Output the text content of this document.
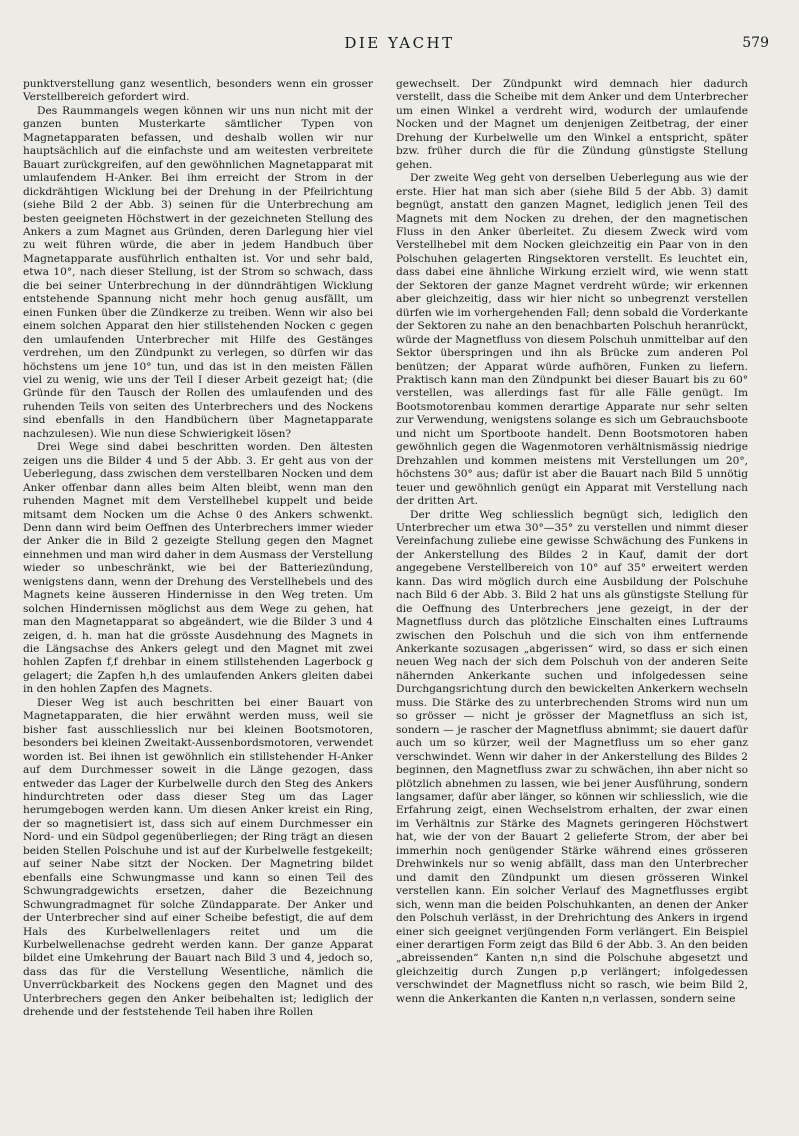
DIE YACHT	579

punktverstellung ganz wesentlich, besonders wenn ein grosser Verstellbereich gefordert wird.

Des Raummangels wegen können wir uns nun nicht mit der ganzen bunten Musterkarte sämtlicher Typen von Magnetapparaten befassen, und deshalb wollen wir nur hauptsächlich auf die einfachste und am weitesten verbreitete Bauart zurückgreifen, auf den gewöhnlichen Magnetapparat mit umlaufendem H-Anker. Bei ihm erreicht der Strom in der dickdrähtigen Wicklung bei der Drehung in der Pfeilrichtung (siehe Bild 2 der Abb. 3) seinen für die Unterbrechung am besten geeigneten Höchstwert in der gezeichneten Stellung des Ankers a zum Magnet aus Gründen, deren Darlegung hier viel zu weit führen würde, die aber in jedem Handbuch über Magnetapparate ausführlich enthalten ist. Vor und sehr bald, etwa 10°, nach dieser Stellung, ist der Strom so schwach, dass die bei seiner Unterbrechung in der dünndrähtigen Wicklung entstehende Spannung nicht mehr hoch genug ausfällt, um einen Funken über die Zündkerze zu treiben. Wenn wir also bei einem solchen Apparat den hier stillstehenden Nocken c gegen den umlaufenden Unterbrecher mit Hilfe des Gestänges verdrehen, um den Zündpunkt zu verlegen, so dürfen wir das höchstens um jene 10° tun, und das ist in den meisten Fällen viel zu wenig, wie uns der Teil I dieser Arbeit gezeigt hat; (die Gründe für den Tausch der Rollen des umlaufenden und des ruhenden Teils von seiten des Unterbrechers und des Nockens sind ebenfalls in den Handbüchern über Magnetapparate nachzulesen). Wie nun diese Schwierigkeit lösen?

Drei Wege sind dabei beschritten worden. Den ältesten zeigen uns die Bilder 4 und 5 der Abb. 3. Er geht aus von der Ueberlegung, dass zwischen dem verstellbaren Nocken und dem Anker offenbar dann alles beim Alten bleibt, wenn man den ruhenden Magnet mit dem Verstellhebel kuppelt und beide mitsamt dem Nocken um die Achse 0 des Ankers schwenkt. Denn dann wird beim Oeffnen des Unterbrechers immer wieder der Anker die in Bild 2 gezeigte Stellung gegen den Magnet einnehmen und man wird daher in dem Ausmass der Verstellung wieder so unbeschränkt, wie bei der Batteriezündung, wenigstens dann, wenn der Drehung des Verstellhebels und des Magnets keine äusseren Hindernisse in den Weg treten. Um solchen Hindernissen möglichst aus dem Wege zu gehen, hat man den Magnetapparat so abgeändert, wie die Bilder 3 und 4 zeigen, d. h. man hat die grösste Ausdehnung des Magnets in die Längsachse des Ankers gelegt und den Magnet mit zwei hohlen Zapfen f,f drehbar in einem stillstehenden Lagerbock g gelagert; die Zapfen h,h des umlaufenden Ankers gleiten dabei in den hohlen Zapfen des Magnets.

Dieser Weg ist auch beschritten bei einer Bauart von Magnetapparaten, die hier erwähnt werden muss, weil sie bisher fast ausschliesslich nur bei kleinen Bootsmotoren, besonders bei kleinen Zweitakt-Aussenbordsmotoren, verwendet worden ist. Bei ihnen ist gewöhnlich ein stillstehender H-Anker auf dem Durchmesser soweit in die Länge gezogen, dass entweder das Lager der Kurbelwelle durch den Steg des Ankers hindurchtreten oder dass dieser Steg um das Lager herumgebogen werden kann. Um diesen Anker kreist ein Ring, der so magnetisiert ist, dass sich auf einem Durchmesser ein Nord- und ein Südpol gegenüberliegen; der Ring trägt an diesen beiden Stellen Polschuhe und ist auf der Kurbelwelle festgekeilt; auf seiner Nabe sitzt der Nocken. Der Magnetring bildet ebenfalls eine Schwungmasse und kann so einen Teil des Schwungradgewichts ersetzen, daher die Bezeichnung Schwungradmagnet für solche Zündapparate. Der Anker und der Unterbrecher sind auf einer Scheibe befestigt, die auf dem Hals des Kurbelwellenlagers reitet und um die Kurbelwellenachse gedreht werden kann. Der ganze Apparat bildet eine Umkehrung der Bauart nach Bild 3 und 4, jedoch so, dass das für die Verstellung Wesentliche, nämlich die Unverrückbarkeit des Nockens gegen den Magnet und des Unterbrechers gegen den Anker beibehalten ist; lediglich der drehende und der feststehende Teil haben ihre Rollen

gewechselt. Der Zündpunkt wird demnach hier dadurch verstellt, dass die Scheibe mit dem Anker und dem Unterbrecher um einen Winkel a verdreht wird, wodurch der umlaufende Nocken und der Magnet um denjenigen Zeitbetrag, der einer Drehung der Kurbelwelle um den Winkel a entspricht, später bzw. früher durch die für die Zündung günstigste Stellung gehen.

Der zweite Weg geht von derselben Ueberlegung aus wie der erste. Hier hat man sich aber (siehe Bild 5 der Abb. 3) damit begnügt, anstatt den ganzen Magnet, lediglich jenen Teil des Magnets mit dem Nocken zu drehen, der den magnetischen Fluss in den Anker überleitet. Zu diesem Zweck wird vom Verstellhebel mit dem Nocken gleichzeitig ein Paar von in den Polschuhen gelagerten Ringsektoren verstellt. Es leuchtet ein, dass dabei eine ähnliche Wirkung erzielt wird, wie wenn statt der Sektoren der ganze Magnet verdreht würde; wir erkennen aber gleichzeitig, dass wir hier nicht so unbegrenzt verstellen dürfen wie im vorhergehenden Fall; denn sobald die Vorderkante der Sektoren zu nahe an den benachbarten Polschuh heranrückt, würde der Magnetfluss von diesem Polschuh unmittelbar auf den Sektor überspringen und ihn als Brücke zum anderen Pol benützen; der Apparat würde aufhören, Funken zu liefern. Praktisch kann man den Zündpunkt bei dieser Bauart bis zu 60° verstellen, was allerdings fast für alle Fälle genügt. Im Bootsmotorenbau kommen derartige Apparate nur sehr selten zur Verwendung, wenigstens solange es sich um Gebrauchsboote und nicht um Sportboote handelt. Denn Bootsmotoren haben gewöhnlich gegen die Wagenmotoren verhältnismässig niedrige Drehzahlen und kommen meistens mit Verstellungen um 20°, höchstens 30° aus; dafür ist aber die Bauart nach Bild 5 unnötig teuer und gewöhnlich genügt ein Apparat mit Verstellung nach der dritten Art.

Der dritte Weg schliesslich begnügt sich, lediglich den Unterbrecher um etwa 30°—35° zu verstellen und nimmt dieser Vereinfachung zuliebe eine gewisse Schwächung des Funkens in der Ankerstellung des Bildes 2 in Kauf, damit der dort angegebene Verstellbereich von 10° auf 35° erweitert werden kann. Das wird möglich durch eine Ausbildung der Polschuhe nach Bild 6 der Abb. 3. Bild 2 hat uns als günstigste Stellung für die Oeffnung des Unterbrechers jene gezeigt, in der der Magnetfluss durch das plötzliche Einschalten eines Luftraums zwischen den Polschuh und die sich von ihm entfernende Ankerkante sozusagen „abgerissen“ wird, so dass er sich einen neuen Weg nach der sich dem Polschuh von der anderen Seite nähernden Ankerkante suchen und infolgedessen seine Durchgangsrichtung durch den bewickelten Ankerkern wechseln muss. Die Stärke des zu unterbrechenden Stroms wird nun um so grösser — nicht je grösser der Magnetfluss an sich ist, sondern — je rascher der Magnetfluss abnimmt; sie dauert dafür auch um so kürzer, weil der Magnetfluss um so eher ganz verschwindet. Wenn wir daher in der Ankerstellung des Bildes 2 beginnen, den Magnetfluss zwar zu schwächen, ihn aber nicht so plötzlich abnehmen zu lassen, wie bei jener Ausführung, sondern langsamer, dafür aber länger, so können wir schliesslich, wie die Erfahrung zeigt, einen Wechselstrom erhalten, der zwar einen im Verhältnis zur Stärke des Magnets geringeren Höchstwert hat, wie der von der Bauart 2 gelieferte Strom, der aber bei immerhin noch genügender Stärke während eines grösseren Drehwinkels nur so wenig abfällt, dass man den Unterbrecher und damit den Zündpunkt um diesen grösseren Winkel verstellen kann. Ein solcher Verlauf des Magnetflusses ergibt sich, wenn man die beiden Polschuhkanten, an denen der Anker den Polschuh verlässt, in der Drehrichtung des Ankers in irgend einer sich geeignet verjüngenden Form verlängert. Ein Beispiel einer derartigen Form zeigt das Bild 6 der Abb. 3. An den beiden „abreissenden“ Kanten n,n sind die Polschuhe abgesetzt und gleichzeitig durch Zungen p,p verlängert; infolgedessen verschwindet der Magnetfluss nicht so rasch, wie beim Bild 2, wenn die Ankerkanten die Kanten n,n verlassen, sondern seine
